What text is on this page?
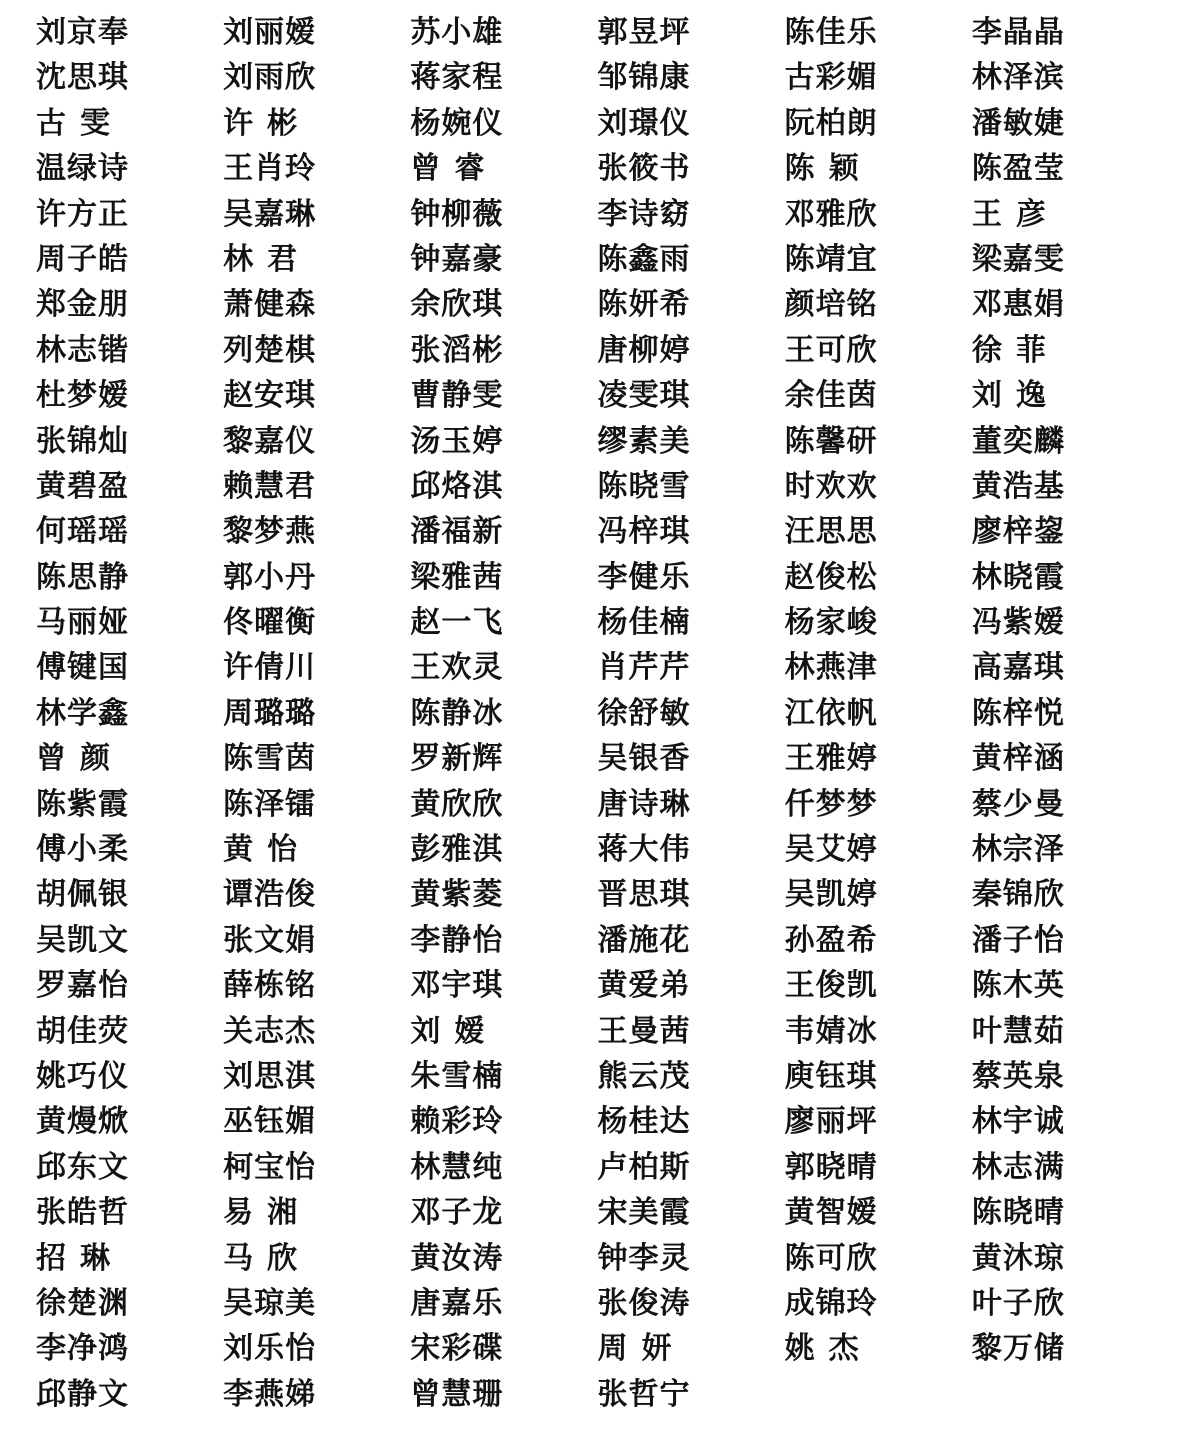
刘京奉	刘丽嫒	苏小雄	郭昱坪	陈佳乐	李晶晶
沈思琪	刘雨欣	蒋家程	邹锦康	古彩媚	林泽滨
古雯	许彬	杨婉仪	刘璟仪	阮柏朗	潘敏婕
温绿诗	王肖玲	曾睿	张筱书	陈颖	陈盈莹
许方正	吴嘉琳	钟柳薇	李诗窈	邓雅欣	王彦
周子皓	林君	钟嘉豪	陈鑫雨	陈靖宜	梁嘉雯
郑金朋	萧健森	余欣琪	陈妍希	颜培铭	邓惠娟
林志锴	列楚棋	张滔彬	唐柳婷	王可欣	徐菲
杜梦嫒	赵安琪	曹静雯	凌雯琪	余佳茵	刘逸
张锦灿	黎嘉仪	汤玉婷	缪素美	陈馨研	董奕麟
黄碧盈	赖慧君	邱烙淇	陈晓雪	时欢欢	黄浩基
何瑶瑶	黎梦燕	潘福新	冯梓琪	汪思思	廖梓鋆
陈思静	郭小丹	梁雅茜	李健乐	赵俊松	林晓霞
马丽娅	佟曜衡	赵一飞	杨佳楠	杨家峻	冯紫嫒
傅键国	许倩川	王欢灵	肖芹芹	林燕津	高嘉琪
林学鑫	周璐璐	陈静冰	徐舒敏	江依帆	陈梓悦
曾颜	陈雪茵	罗新辉	吴银香	王雅婷	黄梓涵
陈紫霞	陈泽镭	黄欣欣	唐诗琳	仟梦梦	蔡少曼
傅小柔	黄怡	彭雅淇	蒋大伟	吴艾婷	林宗泽
胡佩银	谭浩俊	黄紫菱	晋思琪	吴凯婷	秦锦欣
吴凯文	张文娟	李静怡	潘施花	孙盈希	潘子怡
罗嘉怡	薛栋铭	邓宇琪	黄爱弟	王俊凯	陈木英
胡佳荧	关志杰	刘嫒	王曼茜	韦婧冰	叶慧茹
姚巧仪	刘思淇	朱雪楠	熊云茂	庾钰琪	蔡英泉
黄熳焮	巫钰媚	赖彩玲	杨桂达	廖丽坪	林宇诚
邱东文	柯宝怡	林慧纯	卢柏斯	郭晓晴	林志满
张皓哲	易湘	邓子龙	宋美霞	黄智嫒	陈晓晴
招琳	马欣	黄汝涛	钟李灵	陈可欣	黄沐琼
徐楚渊	吴琼美	唐嘉乐	张俊涛	成锦玲	叶子欣
李净鸿	刘乐怡	宋彩碟	周妍	姚杰	黎万储
邱静文	李燕娣	曾慧珊	张哲宁
